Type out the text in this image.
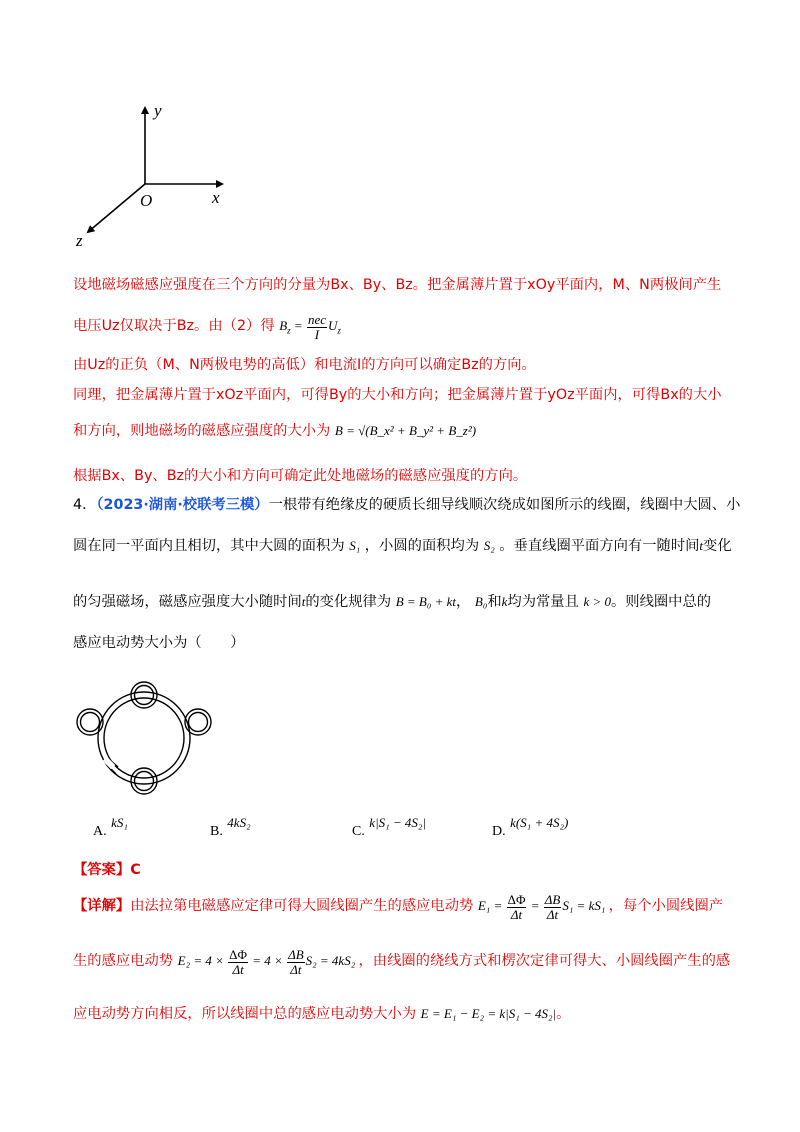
y
x
z
O
设地磁场磁感应强度在三个方向的分量为Bx、By、Bz。把金属薄片置于xOy平面内，M、N两极间产生
电压Uz仅取决于Bz。由（2）得 $B_z = \frac{\text{nec}}{I} U_z$
由Uz的正负（M、N两极电势的高低）和电流I的方向可以确定Bz的方向。
同理，把金属薄片置于xOz平面内，可得By的大小和方向；把金属薄片置于yOz平面内，可得Bx的大小
和方向，则地磁场的磁感应强度的大小为 B = √(B_x² + B_y² + B_z²)
根据Bx、By、Bz的大小和方向可确定此处地磁场的磁感应强度的方向。
4．（2023·湖南·校联考三模）一根带有绝缘皮的硬质长细导线顺次绕成如图所示的线圈，线圈中大圆、小
圆在同一平面内且相切，其中大圆的面积为 S₁ ，小圆的面积均为 S₂ 。垂直线圈平面方向有一随时间t变化
的匀强磁场，磁感应强度大小随时间t的变化规律为 B = B₀ + kt， B₀和k均为常量且 k > 0。则线圈中总的
感应电动势大小为（　　）
A. kS₁
B. 4kS₂
C. k|S₁ − 4S₂|
D. k(S₁ + 4S₂)
【答案】C
【详解】由法拉第电磁感应定律可得大圆线圈产生的感应电动势 $E_1 = \frac{\Delta\Phi}{\Delta t} = \frac{\Delta B}{\Delta t} S_1 = kS_1$ ，每个小圆线圈产
生的感应电动势 $E_2 = 4 \times \frac{\Delta\Phi}{\Delta t} = 4 \times \frac{\Delta B}{\Delta t} S_2 = 4kS_2$ ，由线圈的绕线方式和楞次定律可得大、小圆线圈产生的感
应电动势方向相反，所以线圈中总的感应电动势大小为 E = E₁ − E₂ = k|S₁ − 4S₂|。
